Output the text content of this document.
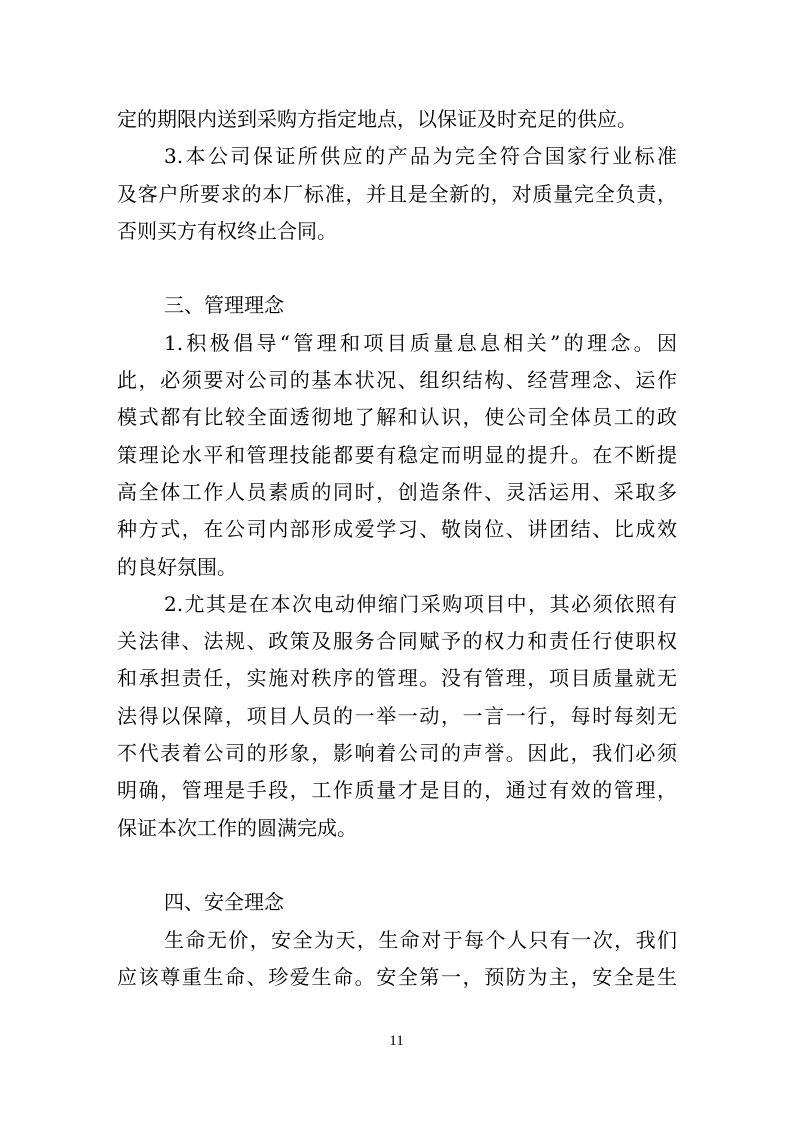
定的期限内送到采购方指定地点，以保证及时充足的供应。

3.本公司保证所供应的产品为完全符合国家行业标准
及客户所要求的本厂标准，并且是全新的，对质量完全负责，
否则买方有权终止合同。

三、管理理念

1.积极倡导“管理和项目质量息息相关”的理念。因
此，必须要对公司的基本状况、组织结构、经营理念、运作
模式都有比较全面透彻地了解和认识，使公司全体员工的政
策理论水平和管理技能都要有稳定而明显的提升。在不断提
高全体工作人员素质的同时，创造条件、灵活运用、采取多
种方式，在公司内部形成爱学习、敬岗位、讲团结、比成效
的良好氛围。

2.尤其是在本次电动伸缩门采购项目中，其必须依照有
关法律、法规、政策及服务合同赋予的权力和责任行使职权
和承担责任，实施对秩序的管理。没有管理，项目质量就无
法得以保障，项目人员的一举一动，一言一行，每时每刻无
不代表着公司的形象，影响着公司的声誉。因此，我们必须
明确，管理是手段，工作质量才是目的，通过有效的管理，
保证本次工作的圆满完成。

四、安全理念

生命无价，安全为天，生命对于每个人只有一次，我们
应该尊重生命、珍爱生命。安全第一，预防为主，安全是生

11
